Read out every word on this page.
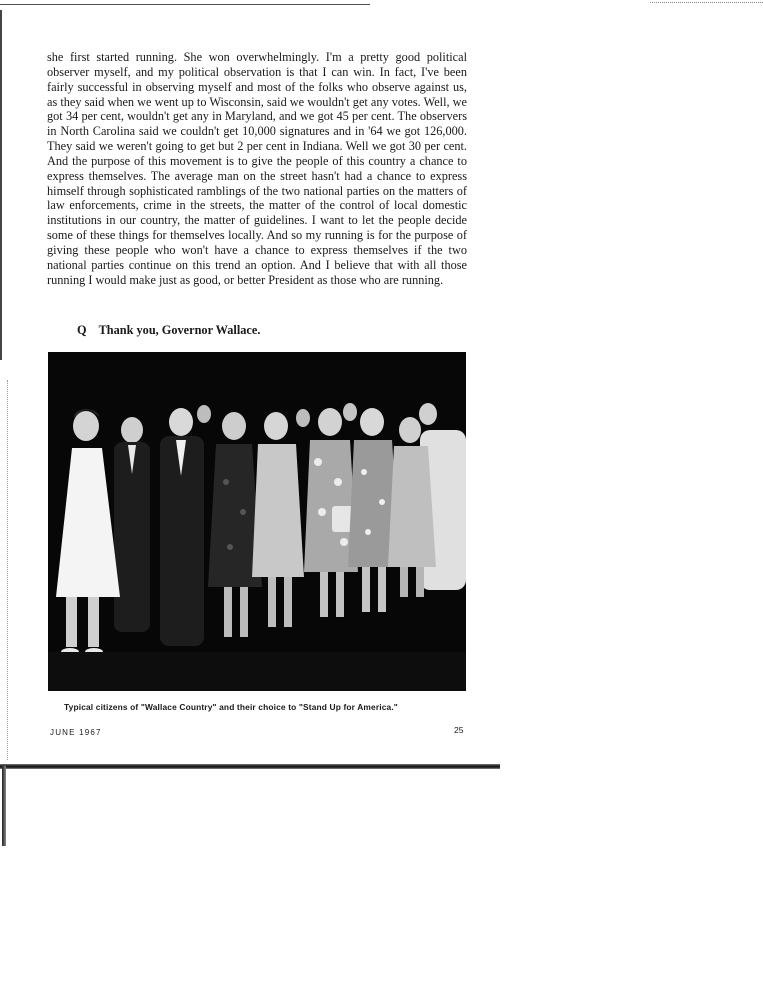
she first started running. She won overwhelmingly. I'm a pretty good political observer myself, and my political observation is that I can win. In fact, I've been fairly successful in observing myself and most of the folks who observe against us, as they said when we went up to Wisconsin, said we wouldn't get any votes. Well, we got 34 per cent, wouldn't get any in Maryland, and we got 45 per cent. The observers in North Carolina said we couldn't get 10,000 signatures and in '64 we got 126,000. They said we weren't going to get but 2 per cent in Indiana. Well we got 30 per cent. And the purpose of this movement is to give the people of this country a chance to express themselves. The average man on the street hasn't had a chance to express himself through sophisticated ramblings of the two national parties on the matters of law enforcements, crime in the streets, the matter of the control of local domestic institutions in our country, the matter of guidelines. I want to let the people decide some of these things for themselves locally. And so my running is for the purpose of giving these people who won't have a chance to express themselves if the two national parties continue on this trend an option. And I believe that with all those running I would make just as good, or better President as those who are running.

Q Thank you, Governor Wallace.

Typical citizens of "Wallace Country" and their choice to "Stand Up for America."

JUNE 1967	25
